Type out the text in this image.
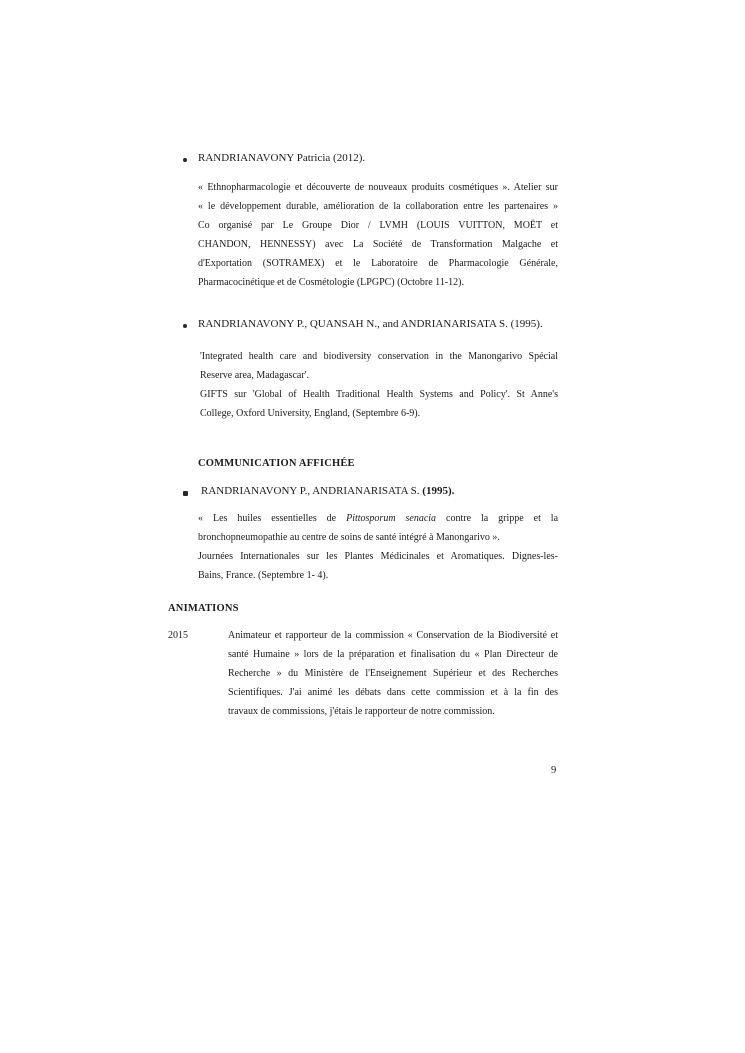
RANDRIANAVONY Patricia (2012).
« Ethnopharmacologie et découverte de nouveaux produits cosmétiques ». Atelier sur
« le développement durable, amélioration de la collaboration entre les partenaires »
Co organisé par Le Groupe Dior / LVMH (LOUIS VUITTON, MOËT et
CHANDON, HENNESSY) avec La Société de Transformation Malgache et
d'Exportation (SOTRAMEX) et le Laboratoire de Pharmacologie Générale,
Pharmacocinétique et de Cosmétologie (LPGPC) (Octobre 11-12).
RANDRIANAVONY P., QUANSAH N., and ANDRIANARISATA S. (1995).
'Integrated health care and biodiversity conservation in the Manongarivo Spécial
Reserve area, Madagascar'.
GIFTS sur 'Global of Health Traditional Health Systems and Policy'. St Anne's
College, Oxford University, England, (Septembre 6-9).
COMMUNICATION AFFICHÉE
RANDRIANAVONY P., ANDRIANARISATA S. (1995).
« Les huiles essentielles de Pittosporum senacia contre la grippe et la
bronchopneumopathie au centre de soins de santé intégré à Manongarivo ».
Journées Internationales sur les Plantes Médicinales et Aromatiques. Dignes-les-
Bains, France. (Septembre 1- 4).
ANIMATIONS
2015	Animateur et rapporteur de la commission « Conservation de la Biodiversité et
santé Humaine » lors de la préparation et finalisation du « Plan Directeur de
Recherche » du Ministère de l'Enseignement Supérieur et des Recherches
Scientifiques. J'ai animé les débats dans cette commission et à la fin des
travaux de commissions, j'étais le rapporteur de notre commission.
9
